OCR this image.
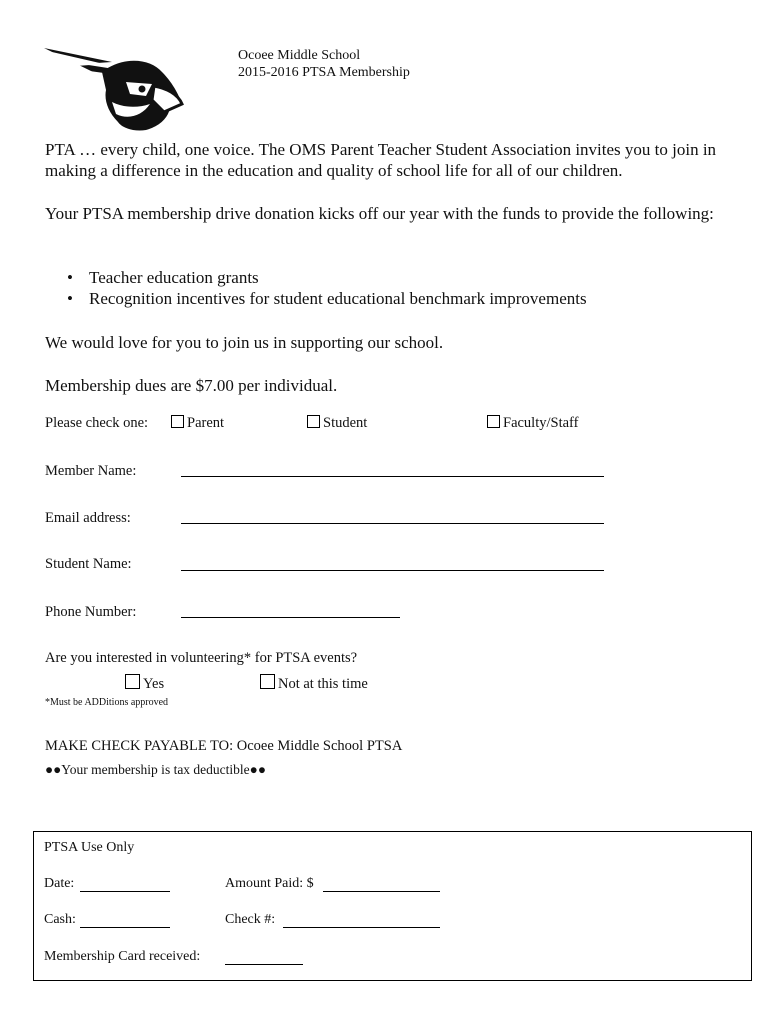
Ocoee Middle School
2015-2016 PTSA Membership
PTA … every child, one voice. The OMS Parent Teacher Student Association invites you to join in making a difference in the education and quality of school life for all of our children.
Your PTSA membership drive donation kicks off our year with the funds to provide the following:
• Teacher education grants
• Recognition incentives for student educational benchmark improvements
We would love for you to join us in supporting our school.
Membership dues are $7.00 per individual.
Please check one:	Parent	Student	Faculty/Staff
Member Name:
Email address:
Student Name:
Phone Number:
Are you interested in volunteering* for PTSA events?
Yes	Not at this time
*Must be ADDitions approved
MAKE CHECK PAYABLE TO: Ocoee Middle School PTSA
●●Your membership is tax deductible●●
PTSA Use Only
Date:	Amount Paid: $
Cash:	Check #:
Membership Card received:
